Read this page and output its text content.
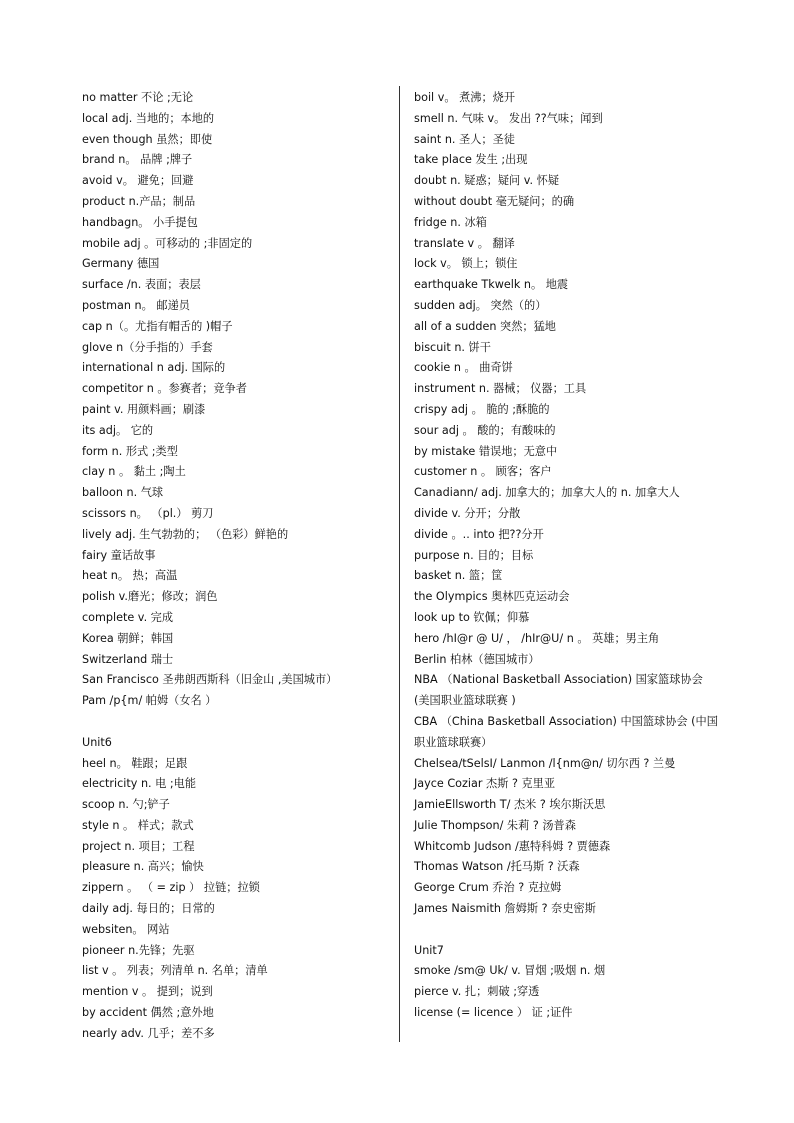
no matter 不论 ;无论
local adj. 当地的；本地的
even though 虽然；即使
brand n。 品牌 ;牌子
avoid v。 避免；回避
product n.产品；制品
handbagn。 小手提包
mobile adj 。可移动的 ;非固定的
Germany 德国
surface /n. 表面；表层
postman n。 邮递员
cap n（。尤指有帽舌的 )帽子
glove n（分手指的）手套
international n adj. 国际的
competitor n 。参赛者；竞争者
paint v. 用颜料画；刷漆
its adj。 它的
form n. 形式 ;类型
clay n 。 黏土 ;陶土
balloon n. 气球
scissors n。 （pl.） 剪刀
lively adj. 生气勃勃的； （色彩）鲜艳的
fairy 童话故事
heat n。 热；高温
polish v.磨光；修改；润色
complete v. 完成
Korea 朝鲜；韩国
Switzerland 瑞士
San Francisco 圣弗朗西斯科（旧金山 ,美国城市）
Pam /p{m/ 帕姆（女名 ）
Unit6
heel n。 鞋跟；足跟
electricity n. 电 ;电能
scoop n. 勺;铲子
style n 。 样式；款式
project n. 项目；工程
pleasure n. 高兴；愉快
zippern 。 （ = zip ） 拉链；拉锁
daily adj. 每日的；日常的
websiten。 网站
pioneer n.先锋；先驱
list v 。 列表；列清单 n. 名单；清单
mention v 。 提到；说到
by accident 偶然 ;意外地
nearly adv. 几乎；差不多
boil v。 煮沸；烧开
smell n. 气味 v。 发出 ??气味；闻到
saint n. 圣人；圣徒
take place 发生 ;出现
doubt n. 疑惑；疑问 v. 怀疑
without doubt 毫无疑问；的确
fridge n. 冰箱
translate v 。 翻译
lock v。 锁上；锁住
earthquake Tkwelk n。 地震
sudden adj。 突然（的）
all of a sudden 突然；猛地
biscuit n. 饼干
cookie n 。 曲奇饼
instrument n. 器械； 仪器；工具
crispy adj 。 脆的 ;酥脆的
sour adj 。 酸的；有酸味的
by mistake 错误地；无意中
customer n 。 顾客；客户
Canadiann/ adj. 加拿大的；加拿大人的 n. 加拿大人
divide v. 分开；分散
divide 。.. into 把??分开
purpose n. 目的；目标
basket n. 篮；筐
the Olympics 奥林匹克运动会
look up to 钦佩；仰慕
hero /hI@r @ U/ ， /hIr@U/ n 。 英雄；男主角
Berlin 柏林（德国城市）
NBA （National Basketball Association) 国家篮球协会 (美国职业篮球联赛 )
CBA （China Basketball Association) 中国篮球协会 (中国职业篮球联赛）
Chelsea/tSelsI/ Lanmon /l{nm@n/ 切尔西 ? 兰曼
Jayce Coziar 杰斯 ? 克里亚
JamieEllsworth T/ 杰米 ? 埃尔斯沃思
Julie Thompson/ 朱莉 ? 汤普森
Whitcomb Judson /惠特科姆 ? 贾德森
Thomas Watson /托马斯 ? 沃森
George Crum 乔治 ? 克拉姆
James Naismith 詹姆斯 ? 奈史密斯
Unit7
smoke /sm@ Uk/ v. 冒烟 ;吸烟 n. 烟
pierce v. 扎；刺破 ;穿透
license (= licence ） 证 ;证件
